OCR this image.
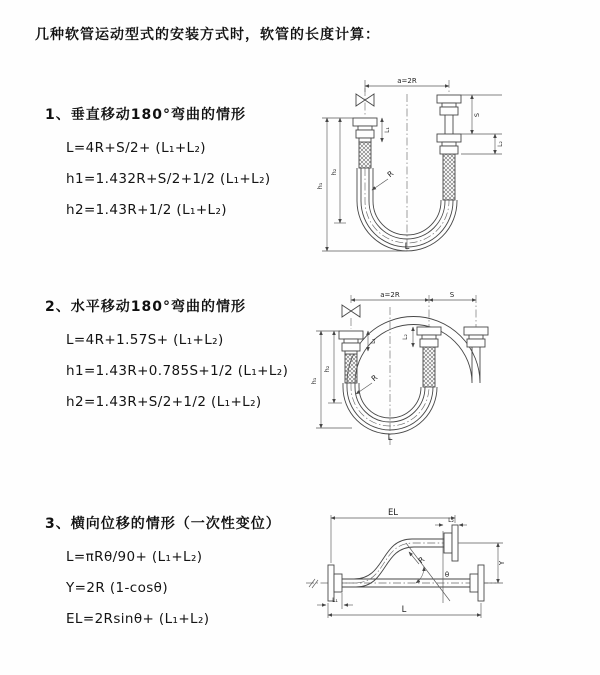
几种软管运动型式的安装方式时，软管的长度计算：
1、垂直移动180°弯曲的情形
L=4R+S/2+ (L₁+L₂)
h1=1.432R+S/2+1/2 (L₁+L₂)
h2=1.43R+1/2 (L₁+L₂)
2、水平移动180°弯曲的情形
L=4R+1.57S+ (L₁+L₂)
h1=1.43R+0.785S+1/2 (L₁+L₂)
h2=1.43R+S/2+1/2 (L₁+L₂)
3、横向位移的情形（一次性变位）
L=πRθ/90+ (L₁+L₂)
Y=2R (1-cosθ)
EL=2Rsinθ+ (L₁+L₂)
a=2R
h₁
h₂
L₁
S
L₂
R
L
a=2R	S
h₁
h₂
L₁
L₂
R
L
EL
L₂
Y
R
θ
L
L₁
